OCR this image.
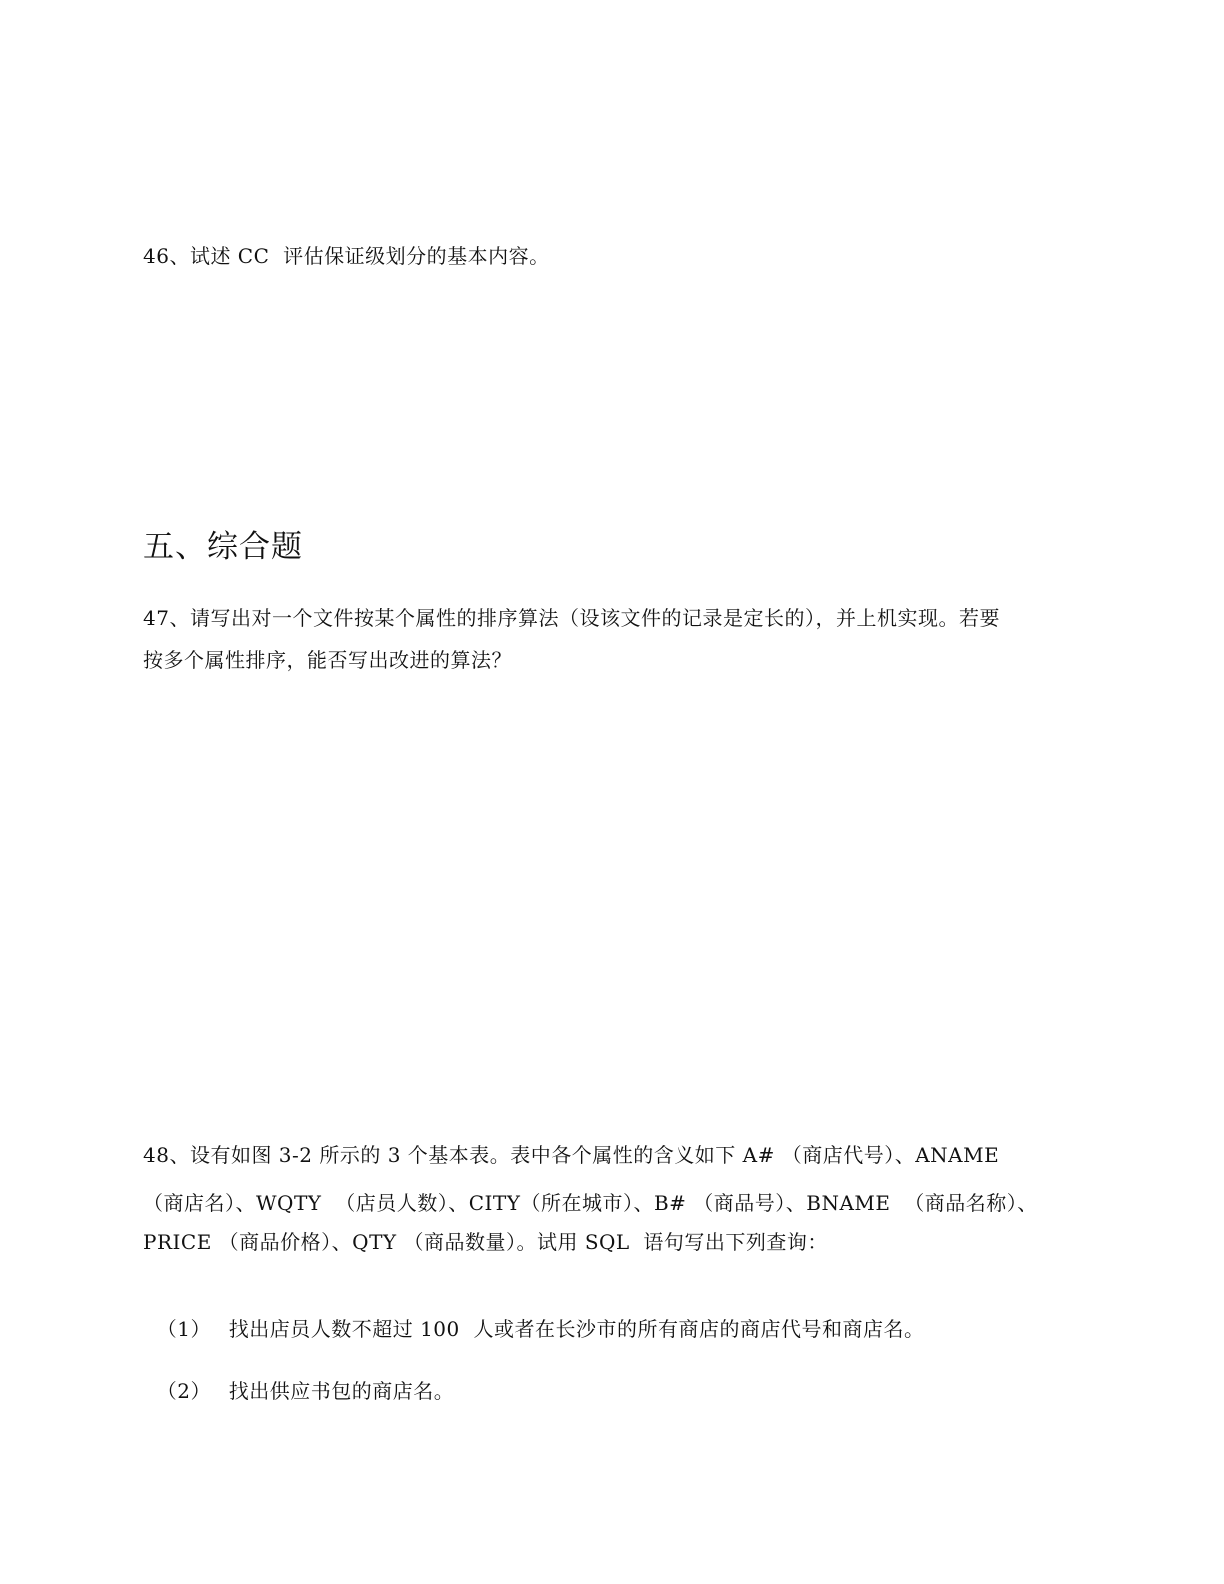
46、试述 CC  评估保证级划分的基本内容。
五、综合题
47、请写出对一个文件按某个属性的排序算法（设该文件的记录是定长的），并上机实现。若要
按多个属性排序，能否写出改进的算法？
48、设有如图 3-2 所示的 3 个基本表。表中各个属性的含义如下 A# （商店代号）、ANAME
（商店名）、WQTY  （店员人数）、CITY（所在城市）、B# （商品号）、BNAME  （商品名称）、
PRICE （商品价格）、QTY （商品数量）。试用 SQL  语句写出下列查询：

（1） 找出店员人数不超过 100  人或者在长沙市的所有商店的商店代号和商店名。

（2） 找出供应书包的商店名。
